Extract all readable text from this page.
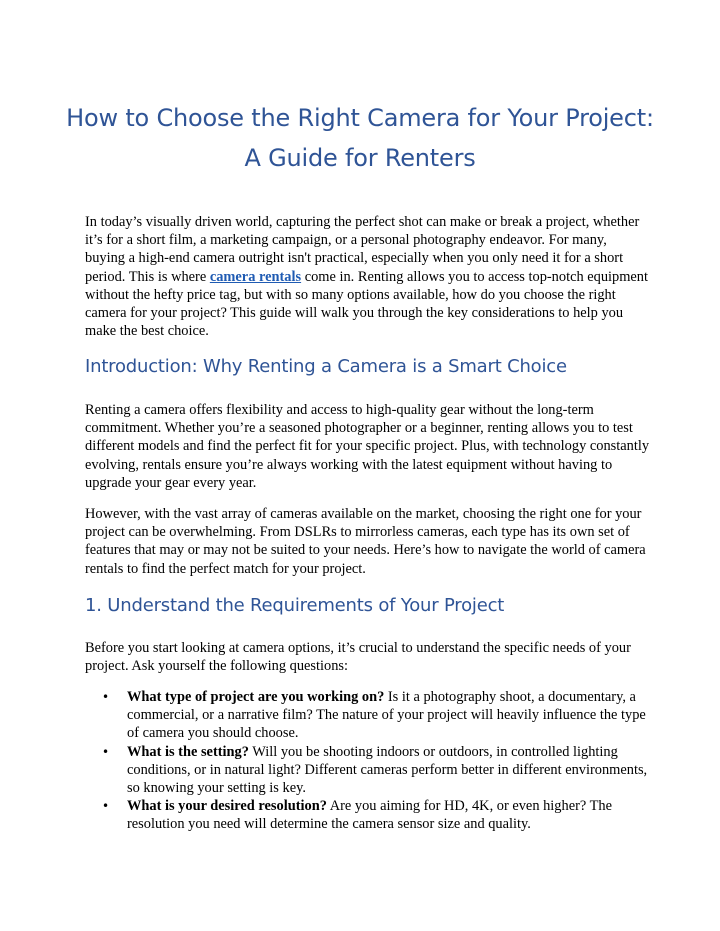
How to Choose the Right Camera for Your Project: A Guide for Renters

In today’s visually driven world, capturing the perfect shot can make or break a project, whether it’s for a short film, a marketing campaign, or a personal photography endeavor. For many, buying a high-end camera outright isn't practical, especially when you only need it for a short period. This is where camera rentals come in. Renting allows you to access top-notch equipment without the hefty price tag, but with so many options available, how do you choose the right camera for your project? This guide will walk you through the key considerations to help you make the best choice.

Introduction: Why Renting a Camera is a Smart Choice

Renting a camera offers flexibility and access to high-quality gear without the long-term commitment. Whether you’re a seasoned photographer or a beginner, renting allows you to test different models and find the perfect fit for your specific project. Plus, with technology constantly evolving, rentals ensure you’re always working with the latest equipment without having to upgrade your gear every year.

However, with the vast array of cameras available on the market, choosing the right one for your project can be overwhelming. From DSLRs to mirrorless cameras, each type has its own set of features that may or may not be suited to your needs. Here’s how to navigate the world of camera rentals to find the perfect match for your project.

1. Understand the Requirements of Your Project

Before you start looking at camera options, it’s crucial to understand the specific needs of your project. Ask yourself the following questions:

• What type of project are you working on? Is it a photography shoot, a documentary, a commercial, or a narrative film? The nature of your project will heavily influence the type of camera you should choose.
• What is the setting? Will you be shooting indoors or outdoors, in controlled lighting conditions, or in natural light? Different cameras perform better in different environments, so knowing your setting is key.
• What is your desired resolution? Are you aiming for HD, 4K, or even higher? The resolution you need will determine the camera sensor size and quality.
